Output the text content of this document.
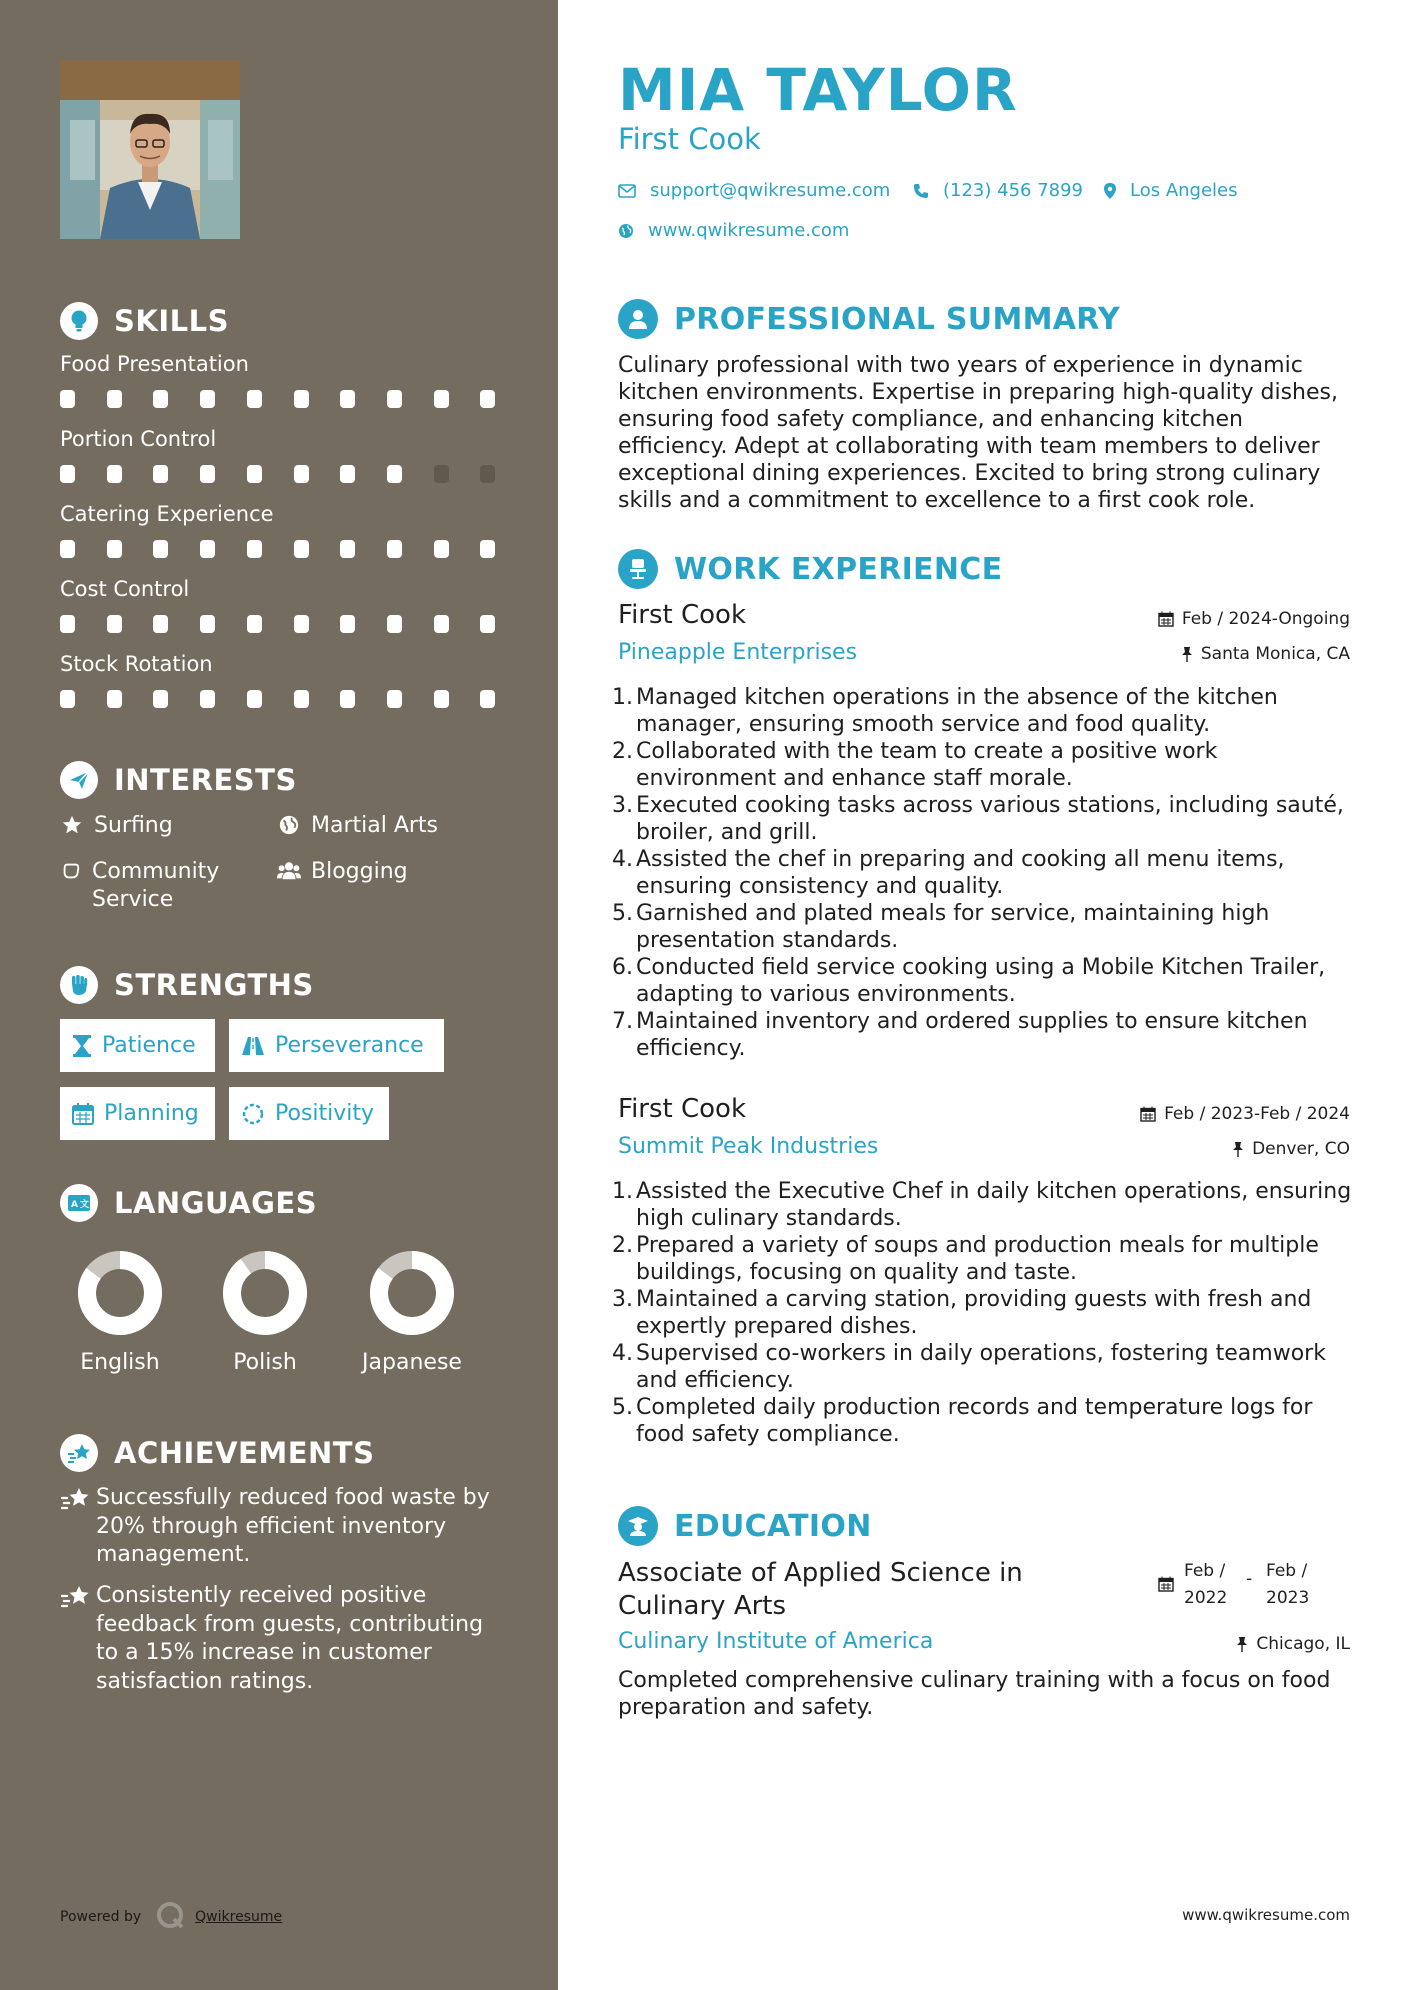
SKILLS
Food Presentation
Portion Control
Catering Experience
Cost Control
Stock Rotation
INTERESTS
Surfing	Martial Arts
Community Service
Blogging
STRENGTHS
Patience	Perseverance
Planning	Positivity
A 文 LANGUAGES
English	Polish	Japanese
ACHIEVEMENTS
Successfully reduced food waste by 20% through efficient inventory management.
Consistently received positive feedback from guests, contributing to a 15% increase in customer satisfaction ratings.
Powered by	Qwikresume
MIA TAYLOR
First Cook
support@qwikresume.com	(123) 456 7899	Los Angeles
www.qwikresume.com
PROFESSIONAL SUMMARY
Culinary professional with two years of experience in dynamic kitchen environments. Expertise in preparing high-quality dishes, ensuring food safety compliance, and enhancing kitchen efficiency. Adept at collaborating with team members to deliver exceptional dining experiences. Excited to bring strong culinary skills and a commitment to excellence to a first cook role.
WORK EXPERIENCE
First Cook	Feb / 2024-Ongoing
Pineapple Enterprises	Santa Monica, CA
Managed kitchen operations in the absence of the kitchen manager, ensuring smooth service and food quality.
Collaborated with the team to create a positive work environment and enhance staff morale.
Executed cooking tasks across various stations, including sauté, broiler, and grill.
Assisted the chef in preparing and cooking all menu items, ensuring consistency and quality.
Garnished and plated meals for service, maintaining high presentation standards.
Conducted field service cooking using a Mobile Kitchen Trailer, adapting to various environments.
Maintained inventory and ordered supplies to ensure kitchen efficiency.
First Cook	Feb / 2023-Feb / 2024
Summit Peak Industries	Denver, CO
Assisted the Executive Chef in daily kitchen operations, ensuring high culinary standards.
Prepared a variety of soups and production meals for multiple buildings, focusing on quality and taste.
Maintained a carving station, providing guests with fresh and expertly prepared dishes.
Supervised co-workers in daily operations, fostering teamwork and efficiency.
Completed daily production records and temperature logs for food safety compliance.
EDUCATION
Associate of Applied Science in Culinary Arts
Feb /
2022
- Feb /
2023
Culinary Institute of America	Chicago, IL
Completed comprehensive culinary training with a focus on food preparation and safety.
www.qwikresume.com
